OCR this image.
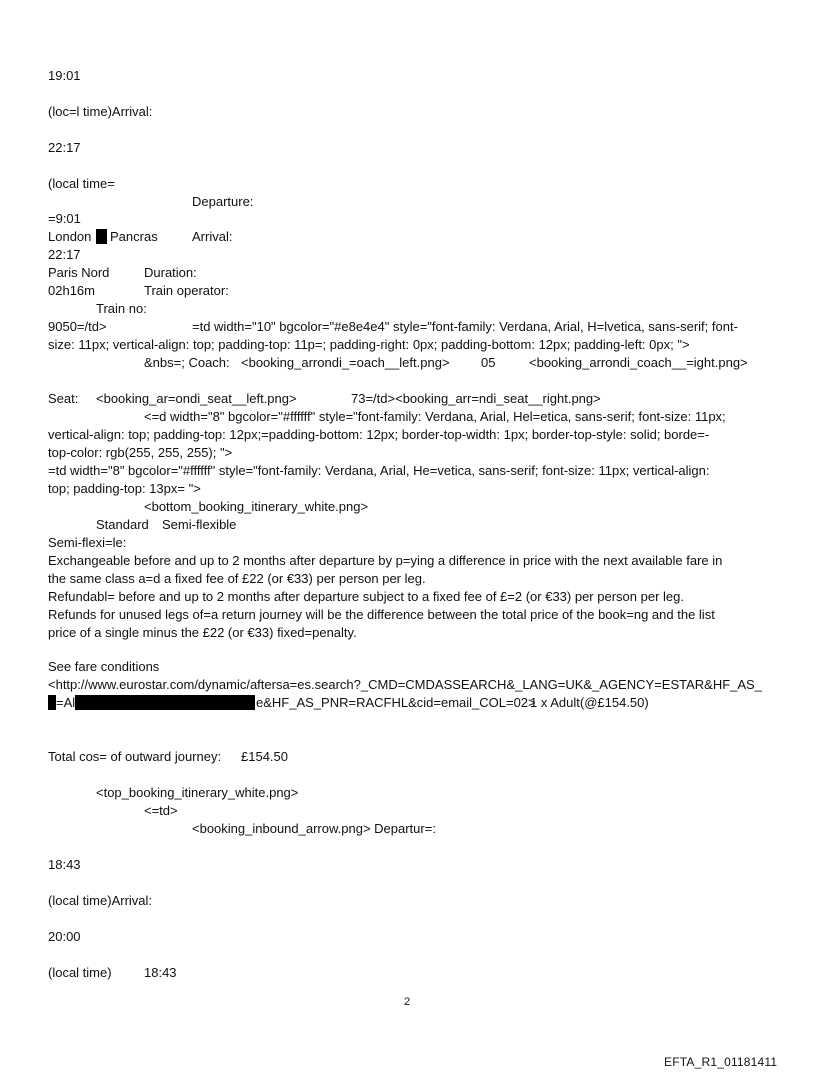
19:01
(loc=l time)Arrival:
22:17
(local time=
Departure:
=9:01
London Pancras	Arrival:
22:17
Paris Nord	Duration:
02h16m	Train operator:
Train no:
9050=/td>	=td width="10" bgcolor="#e8e4e4" style="font-family: Verdana, Arial, H=lvetica, sans-serif; font-
size: 11px; vertical-align: top; padding-top: 11p=; padding-right: 0px; padding-bottom: 12px; padding-left: 0px; ">
&nbs=; Coach: <booking_arrondi_=oach__left.png> 05	<booking_arrondi_coach__=ight.png>
Seat: <booking_ar=ondi_seat__left.png>	73=/td><booking_arr=ndi_seat__right.png>
<=d width="8" bgcolor="#ffffff" style="font-family: Verdana, Arial, Hel=etica, sans-serif; font-size: 11px;
vertical-align: top; padding-top: 12px;=padding-bottom: 12px; border-top-width: 1px; border-top-style: solid; borde=-
top-color: rgb(255, 255, 255); ">
=td width="8" bgcolor="#ffffff" style="font-family: Verdana, Arial, He=vetica, sans-serif; font-size: 11px; vertical-align:
top; padding-top: 13px= ">
<bottom_booking_itinerary_white.png>
Standard Semi-flexible
Semi-flexi=le:
Exchangeable before and up to 2 months after departure by p=ying a difference in price with the next available fare in
the same class a=d a fixed fee of £22 (or €33) per person per leg.
Refundabl= before and up to 2 months after departure subject to a fixed fee of £=2 (or €33) per person per leg.
Refunds for unused legs of=a return journey will be the difference between the total price of the book=ng and the list
price of a single minus the £22 (or €33) fixed=penalty.
See fare conditions
<http://www.eurostar.com/dynamic/aftersa=es.search?_CMD=CMDASSEARCH&_LANG=UK&_AGENCY=ESTAR&HF_AS_
=Al	e&HF_AS_PNR=RACFHL&cid=email_COL=02>
1 x Adult(@£154.50)
Total cos= of outward journey: £154.50
<top_booking_itinerary_white.png>
<=td>
<booking_inbound_arrow.png> Departur=:
18:43
(local time)Arrival:
20:00
(local time) 18:43
2
EFTA_R1_01181411
